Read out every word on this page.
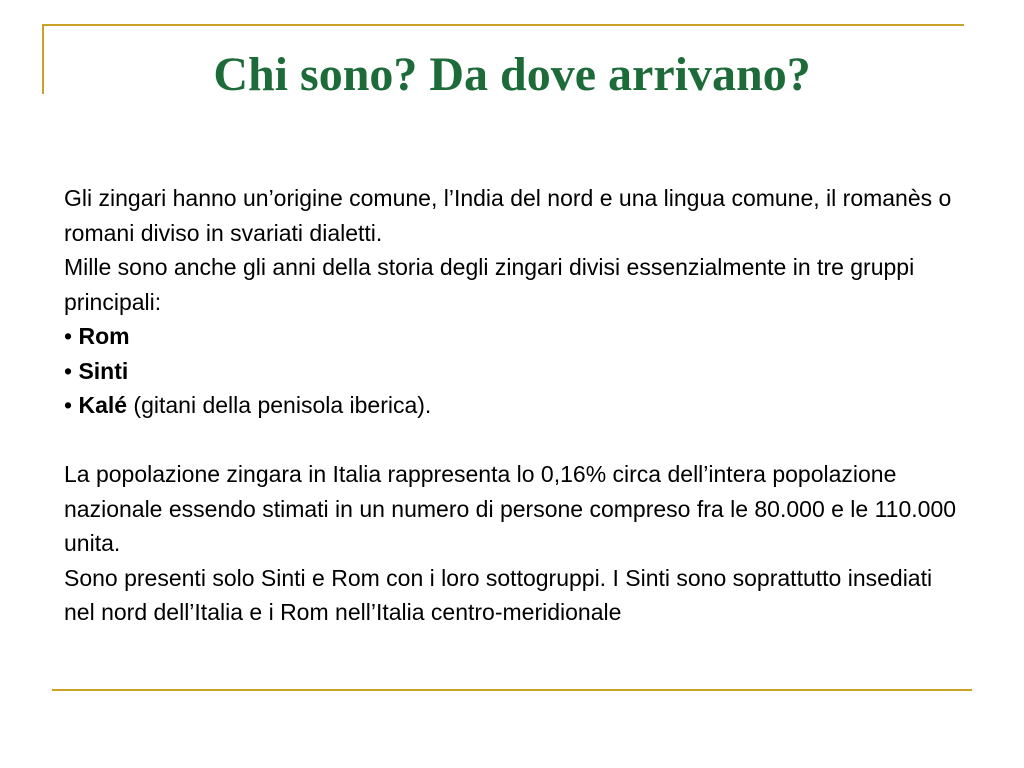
Chi sono? Da dove arrivano?

Gli zingari hanno un’origine comune, l’India del nord e una lingua comune, il romanès o romani diviso in svariati dialetti.

Mille sono anche gli anni della storia degli zingari divisi essenzialmente in tre gruppi principali:

• Rom

• Sinti

• Kalé (gitani della penisola iberica).

La popolazione zingara in Italia rappresenta lo 0,16% circa dell’intera popolazione nazionale essendo stimati in un numero di persone compreso fra le 80.000 e le 110.000 unita.

Sono presenti solo Sinti e Rom con i loro sottogruppi. I Sinti sono soprattutto insediati nel nord dell’Italia e i Rom nell’Italia centro-meridionale
